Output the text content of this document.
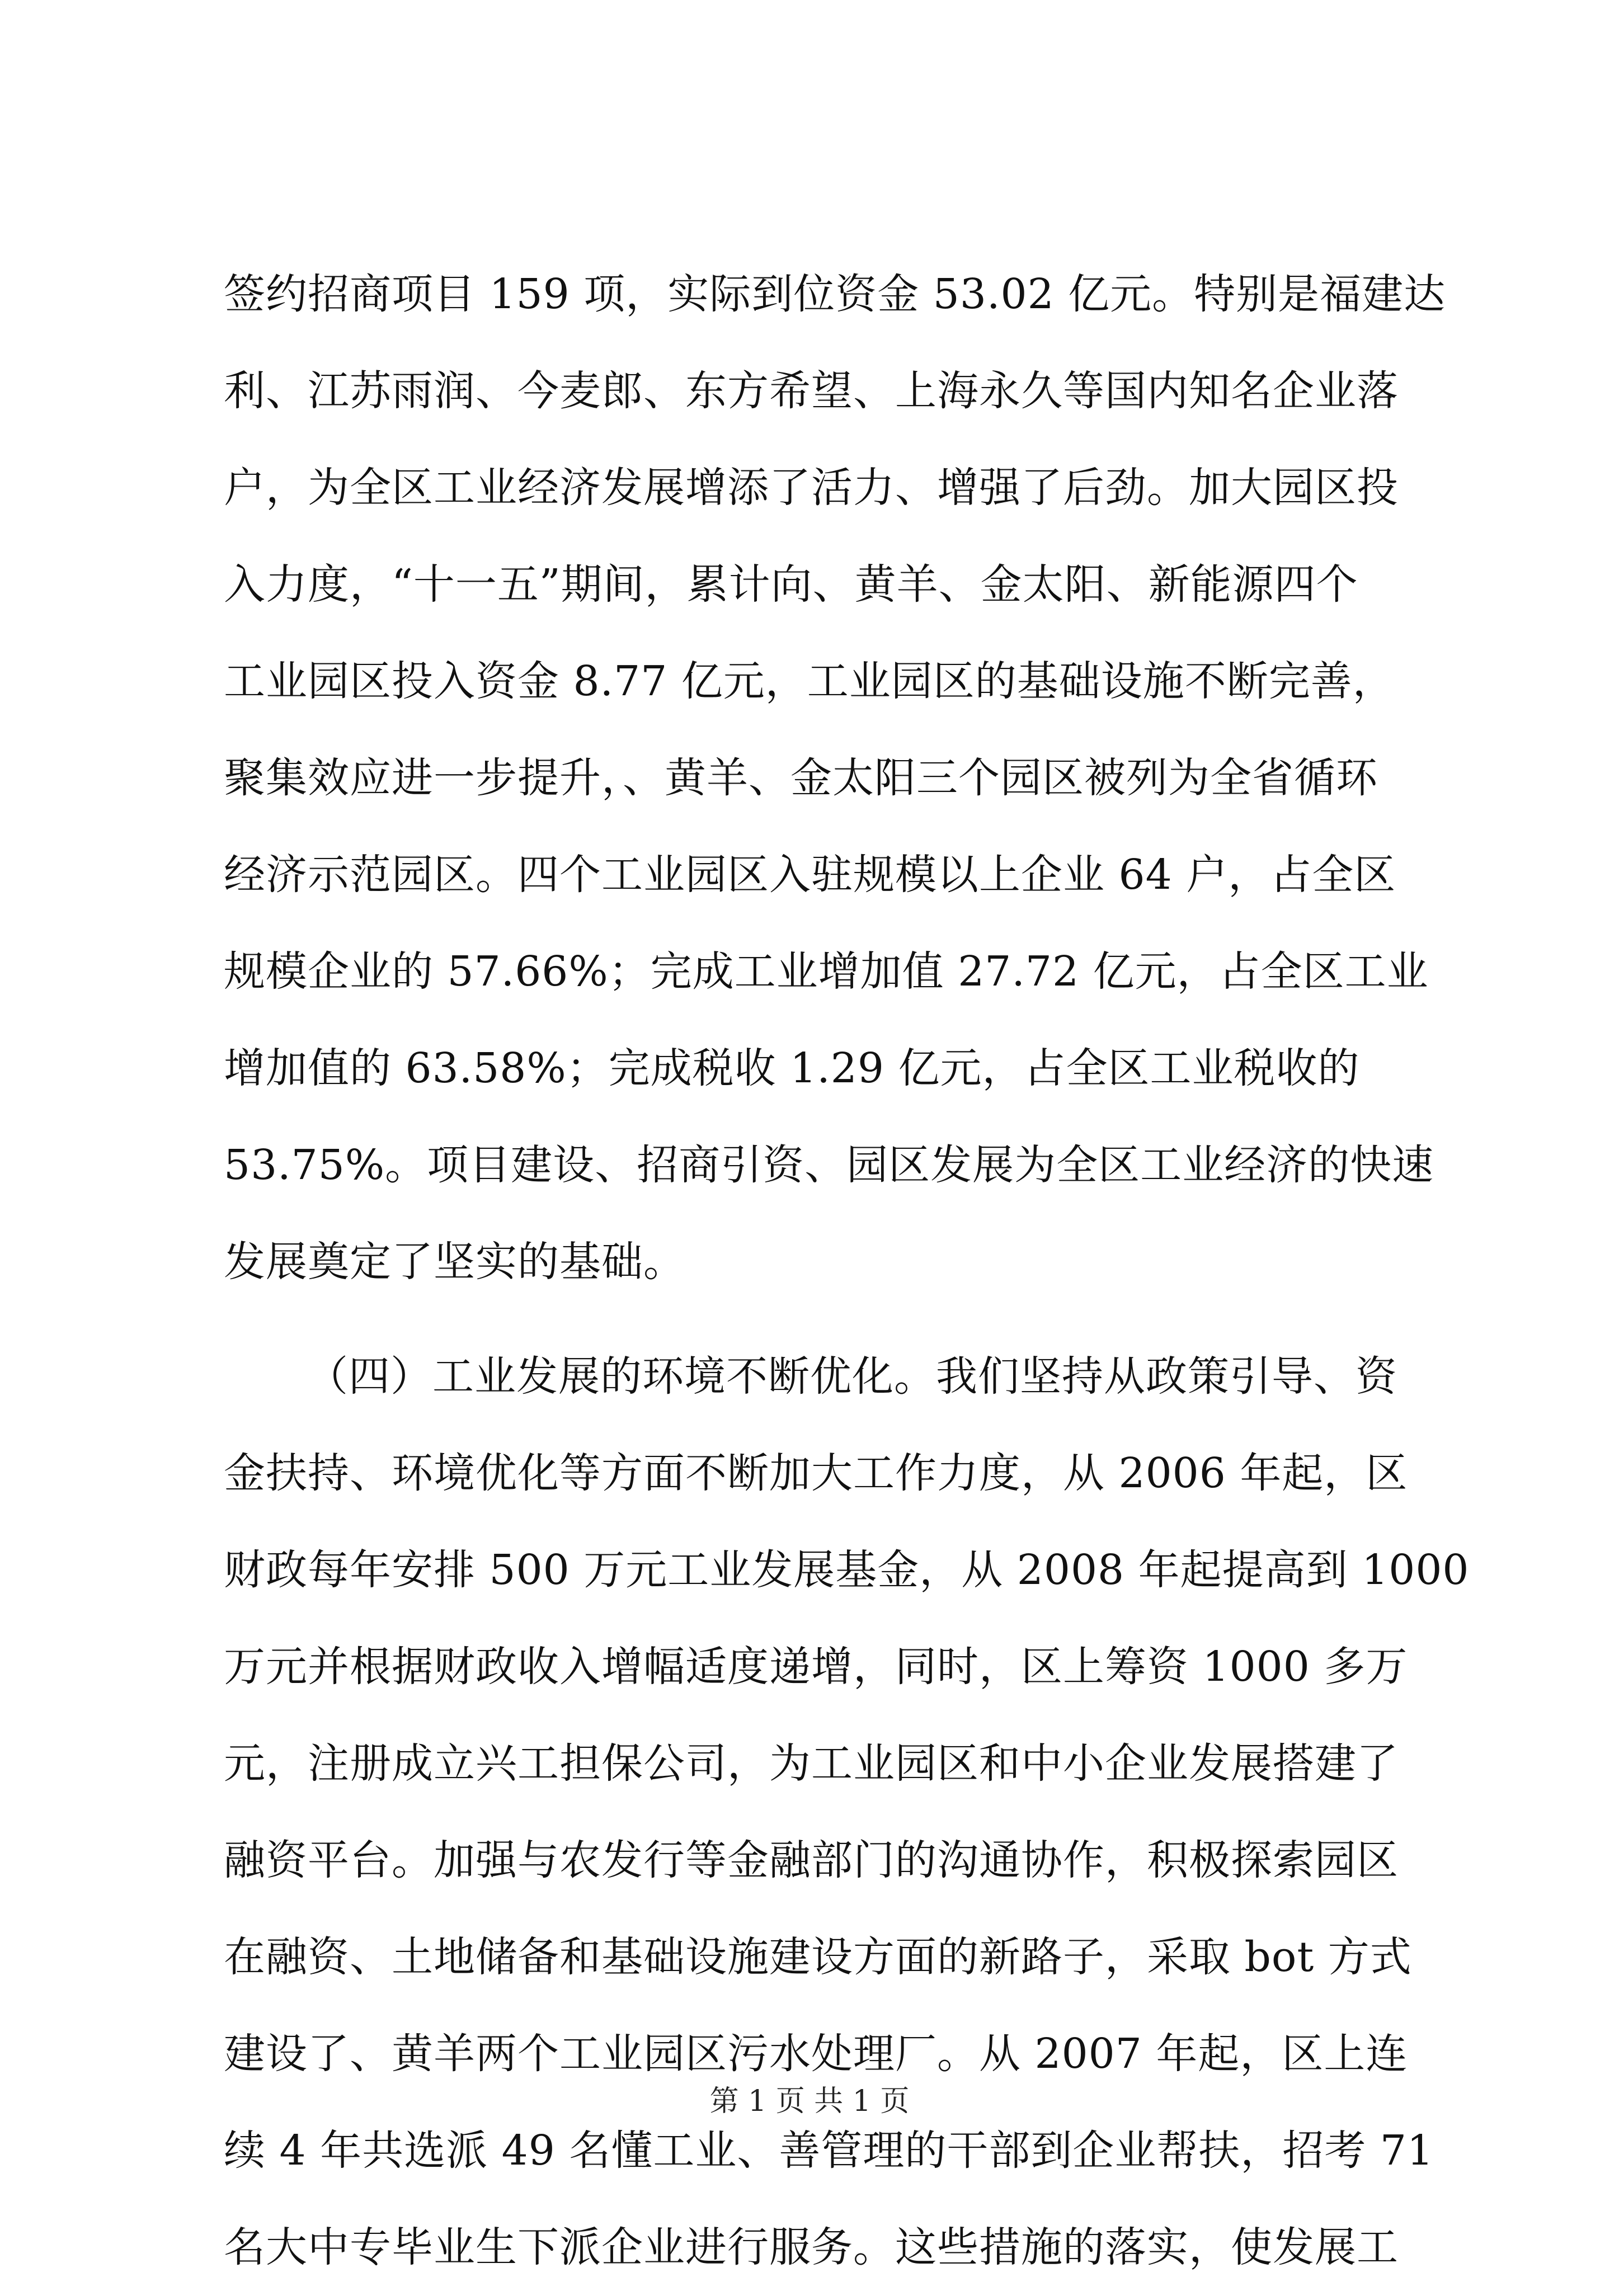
签约招商项目 159 项，实际到位资金 53.02 亿元。特别是福建达
利、江苏雨润、今麦郎、东方希望、上海永久等国内知名企业落
户，为全区工业经济发展增添了活力、增强了后劲。加大园区投
入力度，“十一五”期间，累计向、黄羊、金太阳、新能源四个
工业园区投入资金 8.77 亿元，工业园区的基础设施不断完善，
聚集效应进一步提升，、黄羊、金太阳三个园区被列为全省循环
经济示范园区。四个工业园区入驻规模以上企业 64 户，占全区
规模企业的 57.66%；完成工业增加值 27.72 亿元，占全区工业
增加值的 63.58%；完成税收 1.29 亿元，占全区工业税收的
53.75%。项目建设、招商引资、园区发展为全区工业经济的快速
发展奠定了坚实的基础。
（四）工业发展的环境不断优化。我们坚持从政策引导、资
金扶持、环境优化等方面不断加大工作力度，从 2006 年起，区
财政每年安排 500 万元工业发展基金，从 2008 年起提高到 1000
万元并根据财政收入增幅适度递增，同时，区上筹资 1000 多万
元，注册成立兴工担保公司，为工业园区和中小企业发展搭建了
融资平台。加强与农发行等金融部门的沟通协作，积极探索园区
在融资、土地储备和基础设施建设方面的新路子，采取 bot 方式
建设了、黄羊两个工业园区污水处理厂。从 2007 年起，区上连
续 4 年共选派 49 名懂工业、善管理的干部到企业帮扶，招考 71
名大中专毕业生下派企业进行服务。这些措施的落实，使发展工
第 1 页 共 1 页
